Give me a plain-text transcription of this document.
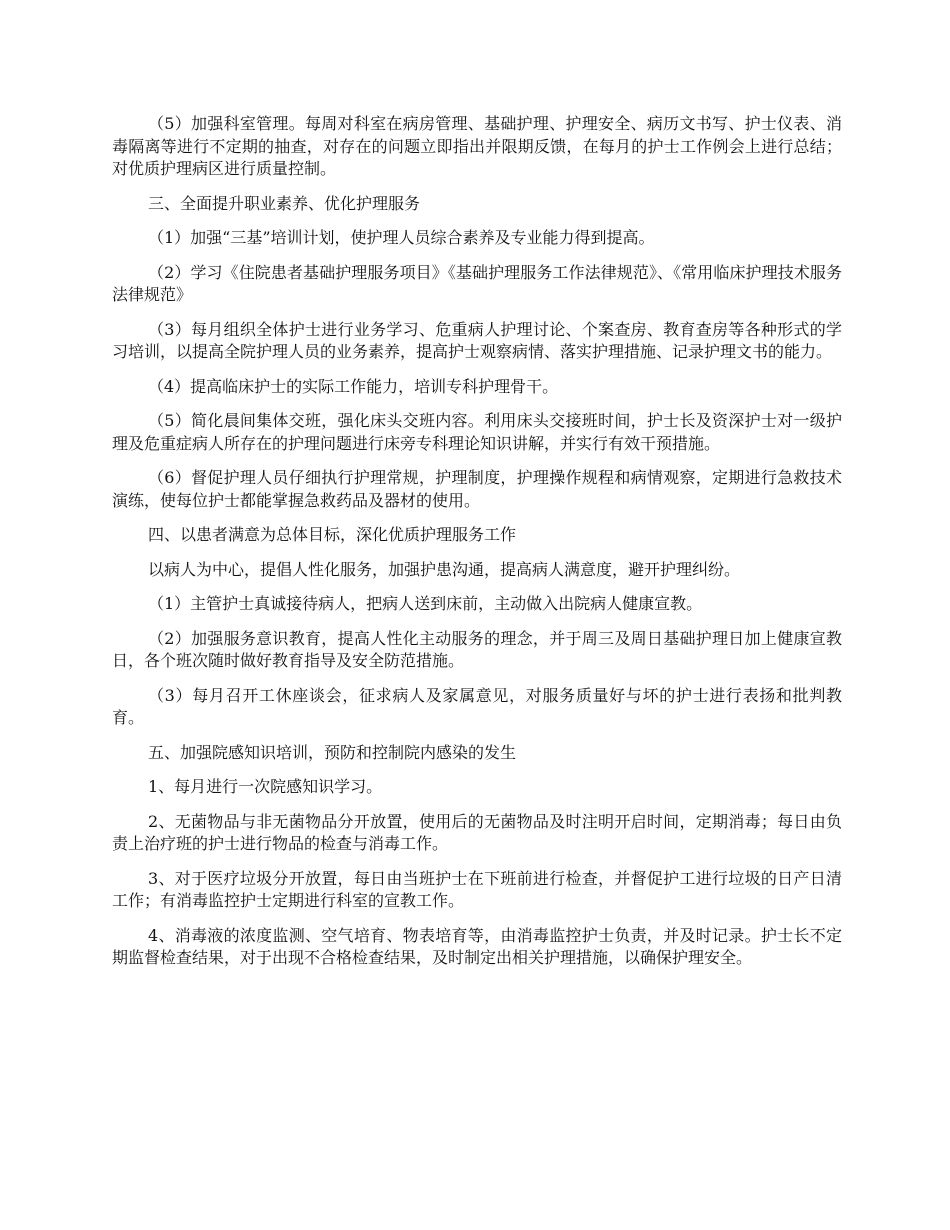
（5）加强科室管理。每周对科室在病房管理、基础护理、护理安全、病历文书写、护士仪表、消毒隔离等进行不定期的抽查，对存在的问题立即指出并限期反馈，在每月的护士工作例会上进行总结；对优质护理病区进行质量控制。

三、全面提升职业素养、优化护理服务

（1）加强“三基”培训计划，使护理人员综合素养及专业能力得到提高。

（2）学习《住院患者基础护理服务项目》《基础护理服务工作法律规范》、《常用临床护理技术服务法律规范》

（3）每月组织全体护士进行业务学习、危重病人护理讨论、个案查房、教育查房等各种形式的学习培训，以提高全院护理人员的业务素养，提高护士观察病情、落实护理措施、记录护理文书的能力。

（4）提高临床护士的实际工作能力，培训专科护理骨干。

（5）简化晨间集体交班，强化床头交班内容。利用床头交接班时间，护士长及资深护士对一级护理及危重症病人所存在的护理问题进行床旁专科理论知识讲解，并实行有效干预措施。

（6）督促护理人员仔细执行护理常规，护理制度，护理操作规程和病情观察，定期进行急救技术演练，使每位护士都能掌握急救药品及器材的使用。

四、以患者满意为总体目标，深化优质护理服务工作

以病人为中心，提倡人性化服务，加强护患沟通，提高病人满意度，避开护理纠纷。

（1）主管护士真诚接待病人，把病人送到床前，主动做入出院病人健康宣教。

（2）加强服务意识教育，提高人性化主动服务的理念，并于周三及周日基础护理日加上健康宣教日，各个班次随时做好教育指导及安全防范措施。

（3）每月召开工休座谈会，征求病人及家属意见，对服务质量好与坏的护士进行表扬和批判教育。

五、加强院感知识培训，预防和控制院内感染的发生

1、每月进行一次院感知识学习。

2、无菌物品与非无菌物品分开放置，使用后的无菌物品及时注明开启时间，定期消毒；每日由负责上治疗班的护士进行物品的检查与消毒工作。

3、对于医疗垃圾分开放置，每日由当班护士在下班前进行检查，并督促护工进行垃圾的日产日清工作；有消毒监控护士定期进行科室的宣教工作。

4、消毒液的浓度监测、空气培育、物表培育等，由消毒监控护士负责，并及时记录。护士长不定期监督检查结果，对于出现不合格检查结果，及时制定出相关护理措施，以确保护理安全。
